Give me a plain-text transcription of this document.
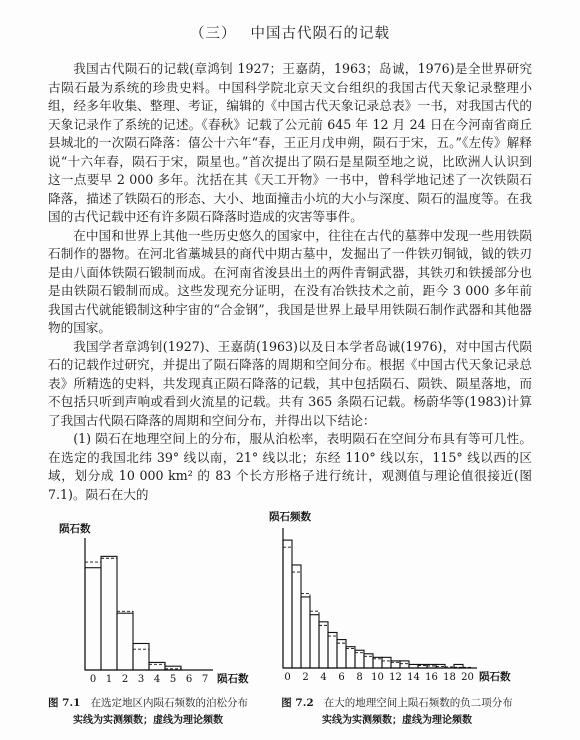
（三） 中国古代陨石的记载

我国古代陨石的记载(章鸿钊 1927；王嘉荫，1963；岛诚，1976)是全世界研究古陨石最为系统的珍贵史料。中国科学院北京天文台组织的我国古代天象记录整理小组，经多年收集、整理、考证，编辑的《中国古代天象记录总表》一书，对我国古代的天象记录作了系统的记述。《春秋》记载了公元前 645 年 12 月 24 日在今河南省商丘县城北的一次陨石降落：僖公十六年“春，王正月戊申朔，陨石于宋，五。”《左传》解释说“十六年春，陨石于宋，陨星也。”首次提出了陨石是星陨至地之说，比欧洲人认识到这一点要早 2 000 多年。沈括在其《天工开物》一书中，曾科学地记述了一次铁陨石降落，描述了铁陨石的形态、大小、地面撞击小坑的大小与深度、陨石的温度等。在我国的古代记载中还有许多陨石降落时造成的灾害等事件。

在中国和世界上其他一些历史悠久的国家中，往往在古代的墓葬中发现一些用铁陨石制作的器物。在河北省藁城县的商代中期古墓中，发掘出了一件铁刃铜钺，钺的铁刃是由八面体铁陨石锻制而成。在河南省浚县出土的两件青铜武器，其铁刃和铁援部分也是由铁陨石锻制而成。这些发现充分证明，在没有冶铁技术之前，距今 3 000 多年前我国古代就能锻制这种宇宙的“合金钢”，我国是世界上最早用铁陨石制作武器和其他器物的国家。

我国学者章鸿钊(1927)、王嘉荫(1963)以及日本学者岛诚(1976)，对中国古代陨石的记载作过研究，并提出了陨石降落的周期和空间分布。根据《中国古代天象记录总表》所精选的史料，共发现真正陨石降落的记载，其中包括陨石、陨铁、陨星落地，而不包括只听到声响或看到火流星的记载。共有 365 条陨石记载。杨蔚华等(1983)计算了我国古代陨石降落的周期和空间分布，并得出以下结论：

(1) 陨石在地理空间上的分布，服从泊松率，表明陨石在空间分布具有等可几性。在选定的我国北纬 39° 线以南，21° 线以北；东经 110° 线以东，115° 线以西的区域，划分成 10 000 km² 的 83 个长方形格子进行统计，观测值与理论值很接近(图 7.1)。陨石在大的

0 1 2 3 4 5 6 7
陨石数
陨石数	0 2 4 6 8 10 12 14 16 18 20
陨石频数
陨石数
图 7.1 在选定地区内陨石频数的泊松分布
实线为实测频数；虚线为理论频数
图 7.2 在大的地理空间上陨石频数的负二项分布
实线为实测频数；虚线为理论频数
